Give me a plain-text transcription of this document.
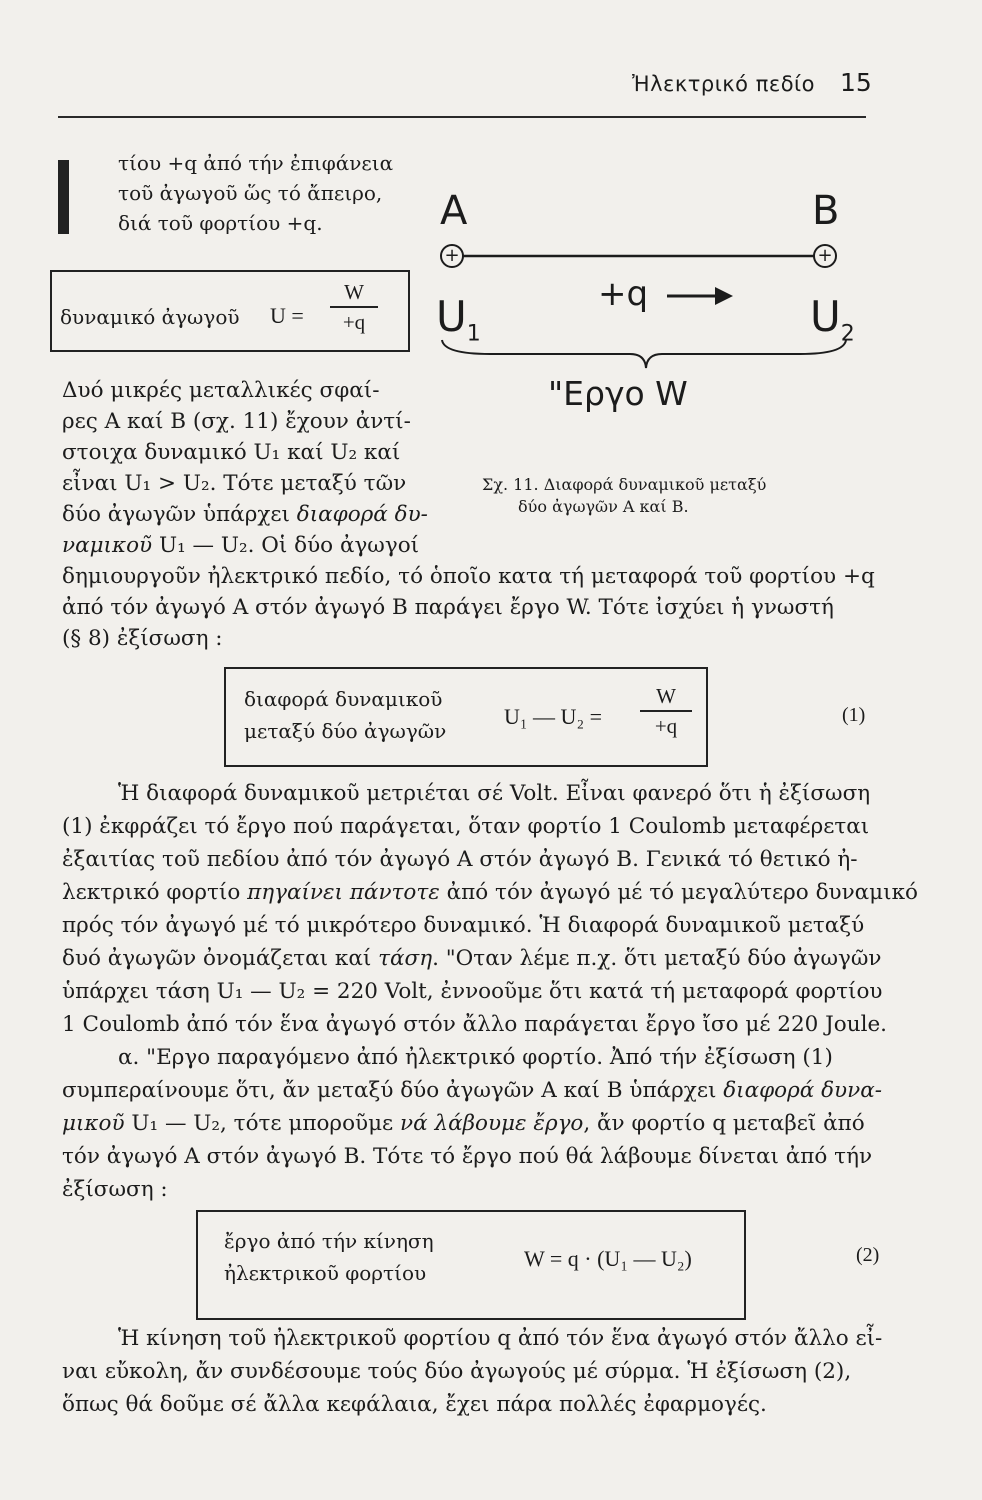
Ἠλεκτρικό πεδίο 15
τίου +q ἀπό τήν ἐπιφάνεια
τοῦ ἀγωγοῦ ὥς τό ἄπειρο,
διά τοῦ φορτίου +q.
δυναμικό ἀγωγοῦ U =
W
+q
A	B
+	+
+q
$U_1$	$U_2$
"Εργο W
Σχ. 11. Διαφορά δυναμικοῦ μεταξύ
δύο ἀγωγῶν A καί B.
Δυό μικρές μεταλλικές σφαί-
ρες A καί B (σχ. 11) ἔχουν ἀντί-
στοιχα δυναμικό U₁ καί U₂ καί
εἶναι U₁ > U₂. Τότε μεταξύ τῶν
δύο ἀγωγῶν ὑπάρχει διαφορά δυ-
ναμικοῦ U₁ — U₂. Οἱ δύο ἀγωγοί
δημιουργοῦν ἠλεκτρικό πεδίο, τό ὁποῖο κατα τή μεταφορά τοῦ φορτίου +q
ἀπό τόν ἀγωγό A στόν ἀγωγό B παράγει ἔργο W. Τότε ἰσχύει ἡ γνωστή
(§ 8) ἐξίσωση :
διαφορά δυναμικοῦ
μεταξύ δύο ἀγωγῶν
U₁ — U₂ =
W
+q	(1)
Ἡ διαφορά δυναμικοῦ μετριέται σέ Volt. Εἶναι φανερό ὅτι ἡ ἐξίσωση
(1) ἐκφράζει τό ἔργο πού παράγεται, ὅταν φορτίο 1 Coulomb μεταφέρεται
ἐξαιτίας τοῦ πεδίου ἀπό τόν ἀγωγό A στόν ἀγωγό B. Γενικά τό θετικό ἠ-
λεκτρικό φορτίο πηγαίνει πάντοτε ἀπό τόν ἀγωγό μέ τό μεγαλύτερο δυναμικό
πρός τόν ἀγωγό μέ τό μικρότερο δυναμικό. Ἡ διαφορά δυναμικοῦ μεταξύ
δυό ἀγωγῶν ὀνομάζεται καί τάση. "Οταν λέμε π.χ. ὅτι μεταξύ δύο ἀγωγῶν
ὑπάρχει τάση U₁ — U₂ = 220 Volt, ἐννοοῦμε ὅτι κατά τή μεταφορά φορτίου
1 Coulomb ἀπό τόν ἕνα ἀγωγό στόν ἄλλο παράγεται ἔργο ἴσο μέ 220 Joule.
α. "Εργο παραγόμενο ἀπό ἠλεκτρικό φορτίο. Ἀπό τήν ἐξίσωση (1)
συμπεραίνουμε ὅτι, ἄν μεταξύ δύο ἀγωγῶν A καί B ὑπάρχει διαφορά δυνα-
μικοῦ U₁ — U₂, τότε μποροῦμε νά λάβουμε ἔργο, ἄν φορτίο q μεταβεῖ ἀπό
τόν ἀγωγό A στόν ἀγωγό B. Τότε τό ἔργο πού θά λάβουμε δίνεται ἀπό τήν
ἐξίσωση :
ἔργο ἀπό τήν κίνηση
ἠλεκτρικοῦ φορτίου
W = q · (U₁ — U₂)	(2)
Ἡ κίνηση τοῦ ἠλεκτρικοῦ φορτίου q ἀπό τόν ἕνα ἀγωγό στόν ἄλλο εἶ-
ναι εὔκολη, ἄν συνδέσουμε τούς δύο ἀγωγούς μέ σύρμα. Ἡ ἐξίσωση (2),
ὅπως θά δοῦμε σέ ἄλλα κεφάλαια, ἔχει πάρα πολλές ἐφαρμογές.
